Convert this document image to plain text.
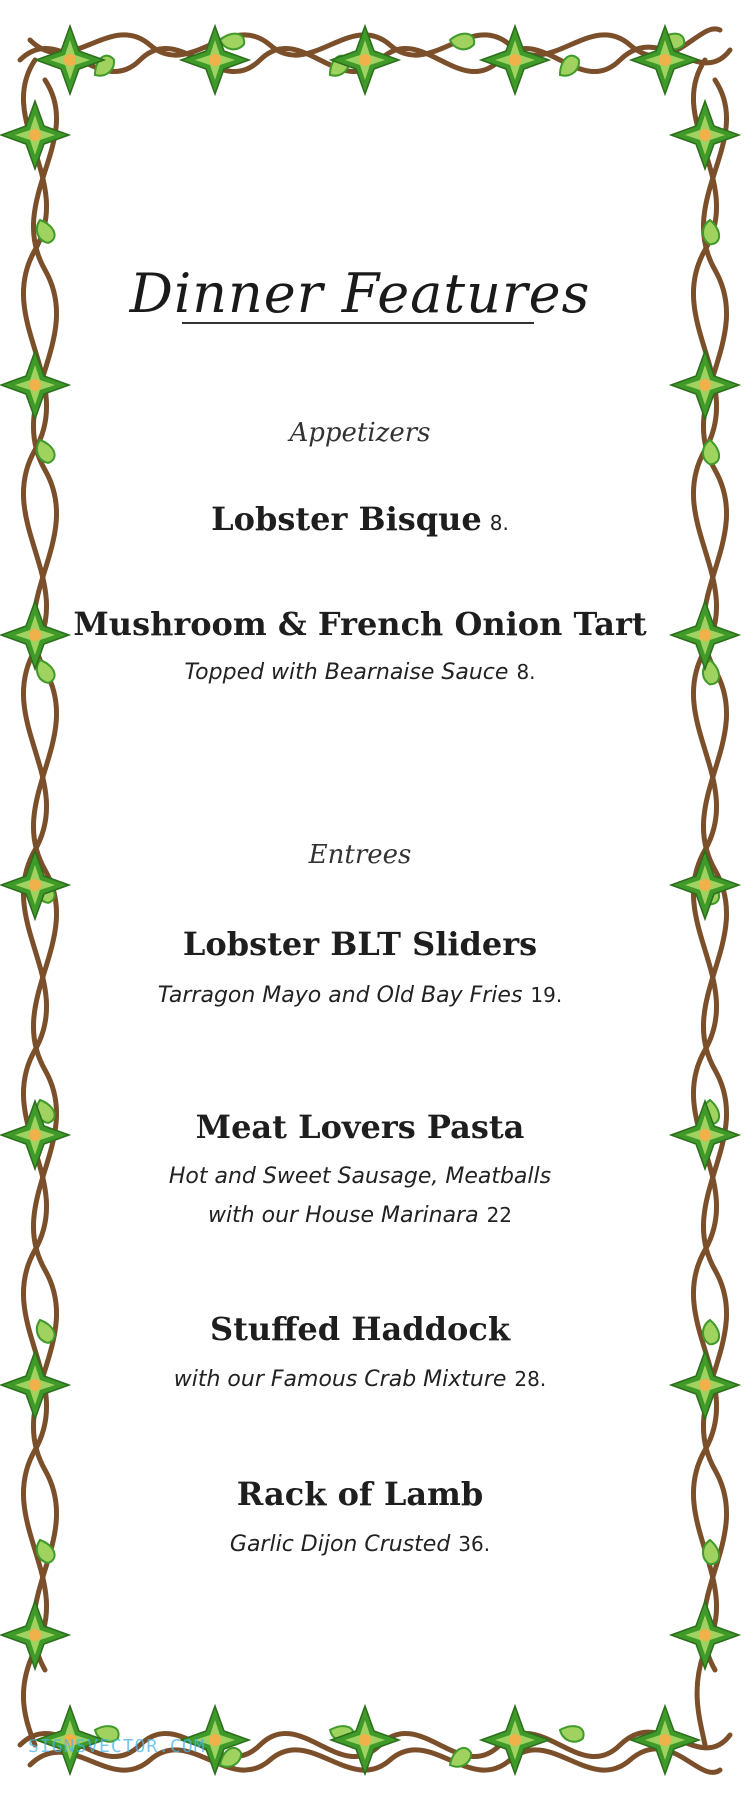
Dinner Features
Appetizers
Lobster Bisque 8.
Mushroom & French Onion Tart
Topped with Bearnaise Sauce 8.
Entrees
Lobster BLT Sliders
Tarragon Mayo and Old Bay Fries 19.
Meat Lovers Pasta
Hot and Sweet Sausage, Meatballs
with our House Marinara 22
Stuffed Haddock
with our Famous Crab Mixture 28.
Rack of Lamb
Garlic Dijon Crusted 36.
SIGNSVECTOR.COM
